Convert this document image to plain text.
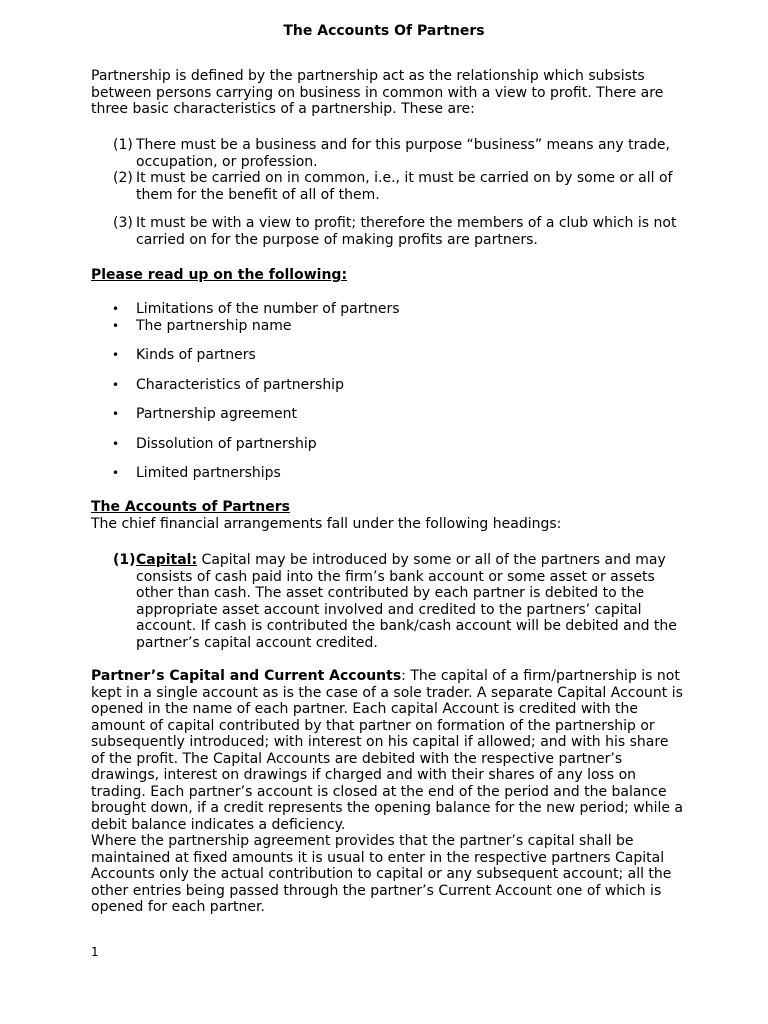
The Accounts Of Partners

Partnership is defined by the partnership act as the relationship which subsists between persons carrying on business in common with a view to profit. There are three basic characteristics of a partnership. These are:

(1) There must be a business and for this purpose “business” means any trade, occupation, or profession.
(2) It must be carried on in common, i.e., it must be carried on by some or all of them for the benefit of all of them.
(3) It must be with a view to profit; therefore the members of a club which is not carried on for the purpose of making profits are partners.
Please read up on the following:
•	Limitations of the number of partners
•	The partnership name
•	Kinds of partners
•	Characteristics of partnership
•	Partnership agreement
•	Dissolution of partnership
•	Limited partnerships
The Accounts of Partners
The chief financial arrangements fall under the following headings:
(1) Capital: Capital may be introduced by some or all of the partners and may consists of cash paid into the firm’s bank account or some asset or assets other than cash. The asset contributed by each partner is debited to the appropriate asset account involved and credited to the partners’ capital account. If cash is contributed the bank/cash account will be debited and the partner’s capital account credited.

Partner’s Capital and Current Accounts: The capital of a firm/partnership is not kept in a single account as is the case of a sole trader. A separate Capital Account is opened in the name of each partner. Each capital Account is credited with the amount of capital contributed by that partner on formation of the partnership or subsequently introduced; with interest on his capital if allowed; and with his share of the profit. The Capital Accounts are debited with the respective partner’s drawings, interest on drawings if charged and with their shares of any loss on trading. Each partner’s account is closed at the end of the period and the balance brought down, if a credit represents the opening balance for the new period; while a debit balance indicates a deficiency.
Where the partnership agreement provides that the partner’s capital shall be maintained at fixed amounts it is usual to enter in the respective partners Capital Accounts only the actual contribution to capital or any subsequent account; all the other entries being passed through the partner’s Current Account one of which is opened for each partner.

1
